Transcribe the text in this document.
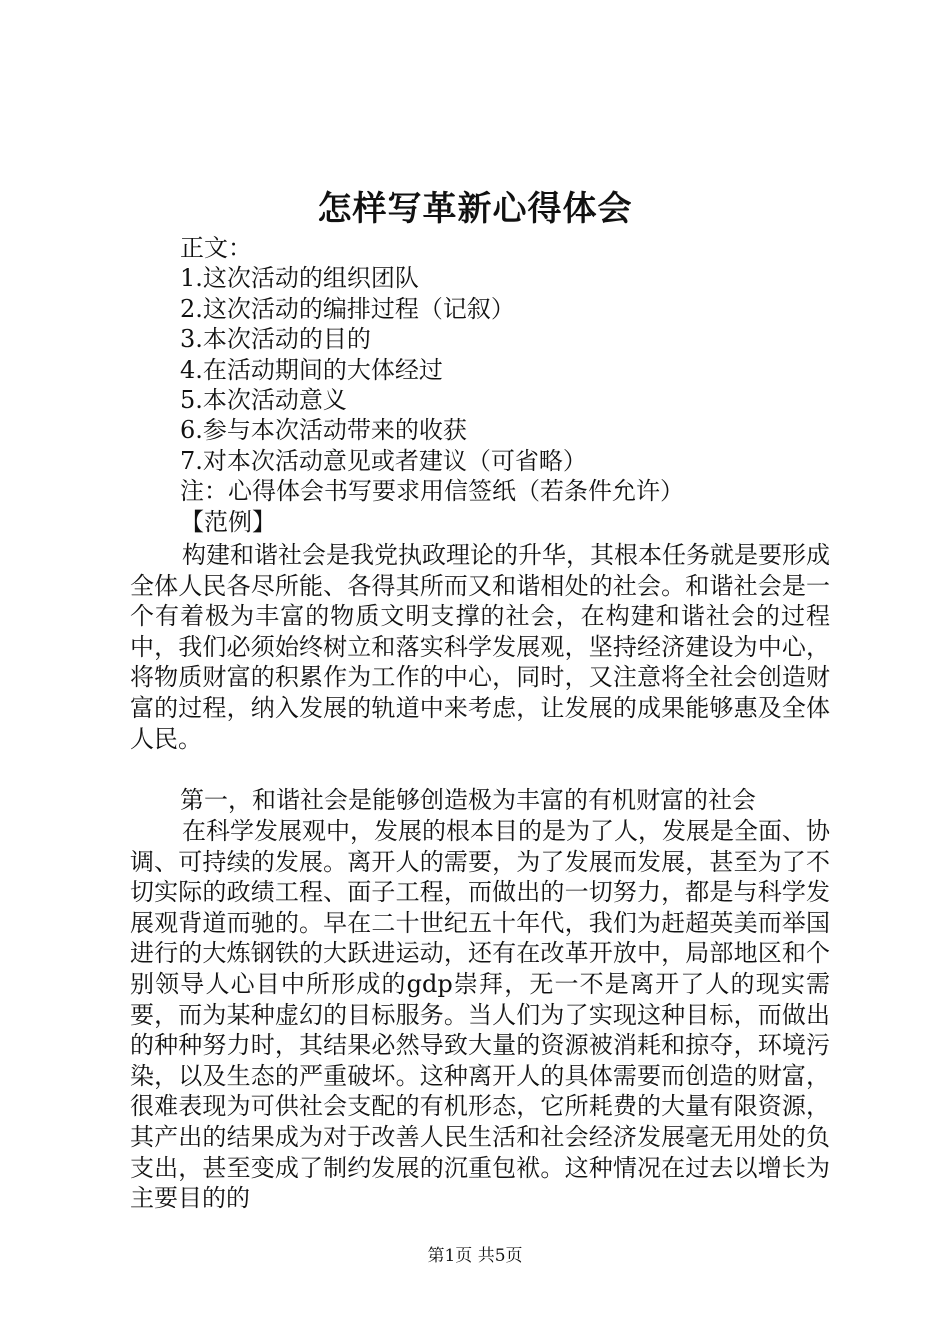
怎样写革新心得体会
正文：
1.这次活动的组织团队
2.这次活动的编排过程（记叙）
3.本次活动的目的
4.在活动期间的大体经过
5.本次活动意义
6.参与本次活动带来的收获
7.对本次活动意见或者建议（可省略）
注：心得体会书写要求用信签纸（若条件允许）
【范例】
构建和谐社会是我党执政理论的升华，其根本任务就是要形成全体人民各尽所能、各得其所而又和谐相处的社会。和谐社会是一个有着极为丰富的物质文明支撑的社会，在构建和谐社会的过程中，我们必须始终树立和落实科学发展观，坚持经济建设为中心，将物质财富的积累作为工作的中心，同时，又注意将全社会创造财富的过程，纳入发展的轨道中来考虑，让发展的成果能够惠及全体人民。
第一，和谐社会是能够创造极为丰富的有机财富的社会
在科学发展观中，发展的根本目的是为了人，发展是全面、协调、可持续的发展。离开人的需要，为了发展而发展，甚至为了不切实际的政绩工程、面子工程，而做出的一切努力，都是与科学发展观背道而驰的。早在二十世纪五十年代，我们为赶超英美而举国进行的大炼钢铁的大跃进运动，还有在改革开放中，局部地区和个别领导人心目中所形成的gdp崇拜，无一不是离开了人的现实需要，而为某种虚幻的目标服务。当人们为了实现这种目标，而做出的种种努力时，其结果必然导致大量的资源被消耗和掠夺，环境污染，以及生态的严重破坏。这种离开人的具体需要而创造的财富，很难表现为可供社会支配的有机形态，它所耗费的大量有限资源，其产出的结果成为对于改善人民生活和社会经济发展毫无用处的负支出，甚至变成了制约发展的沉重包袱。这种情况在过去以增长为主要目的的
第1页 共5页
